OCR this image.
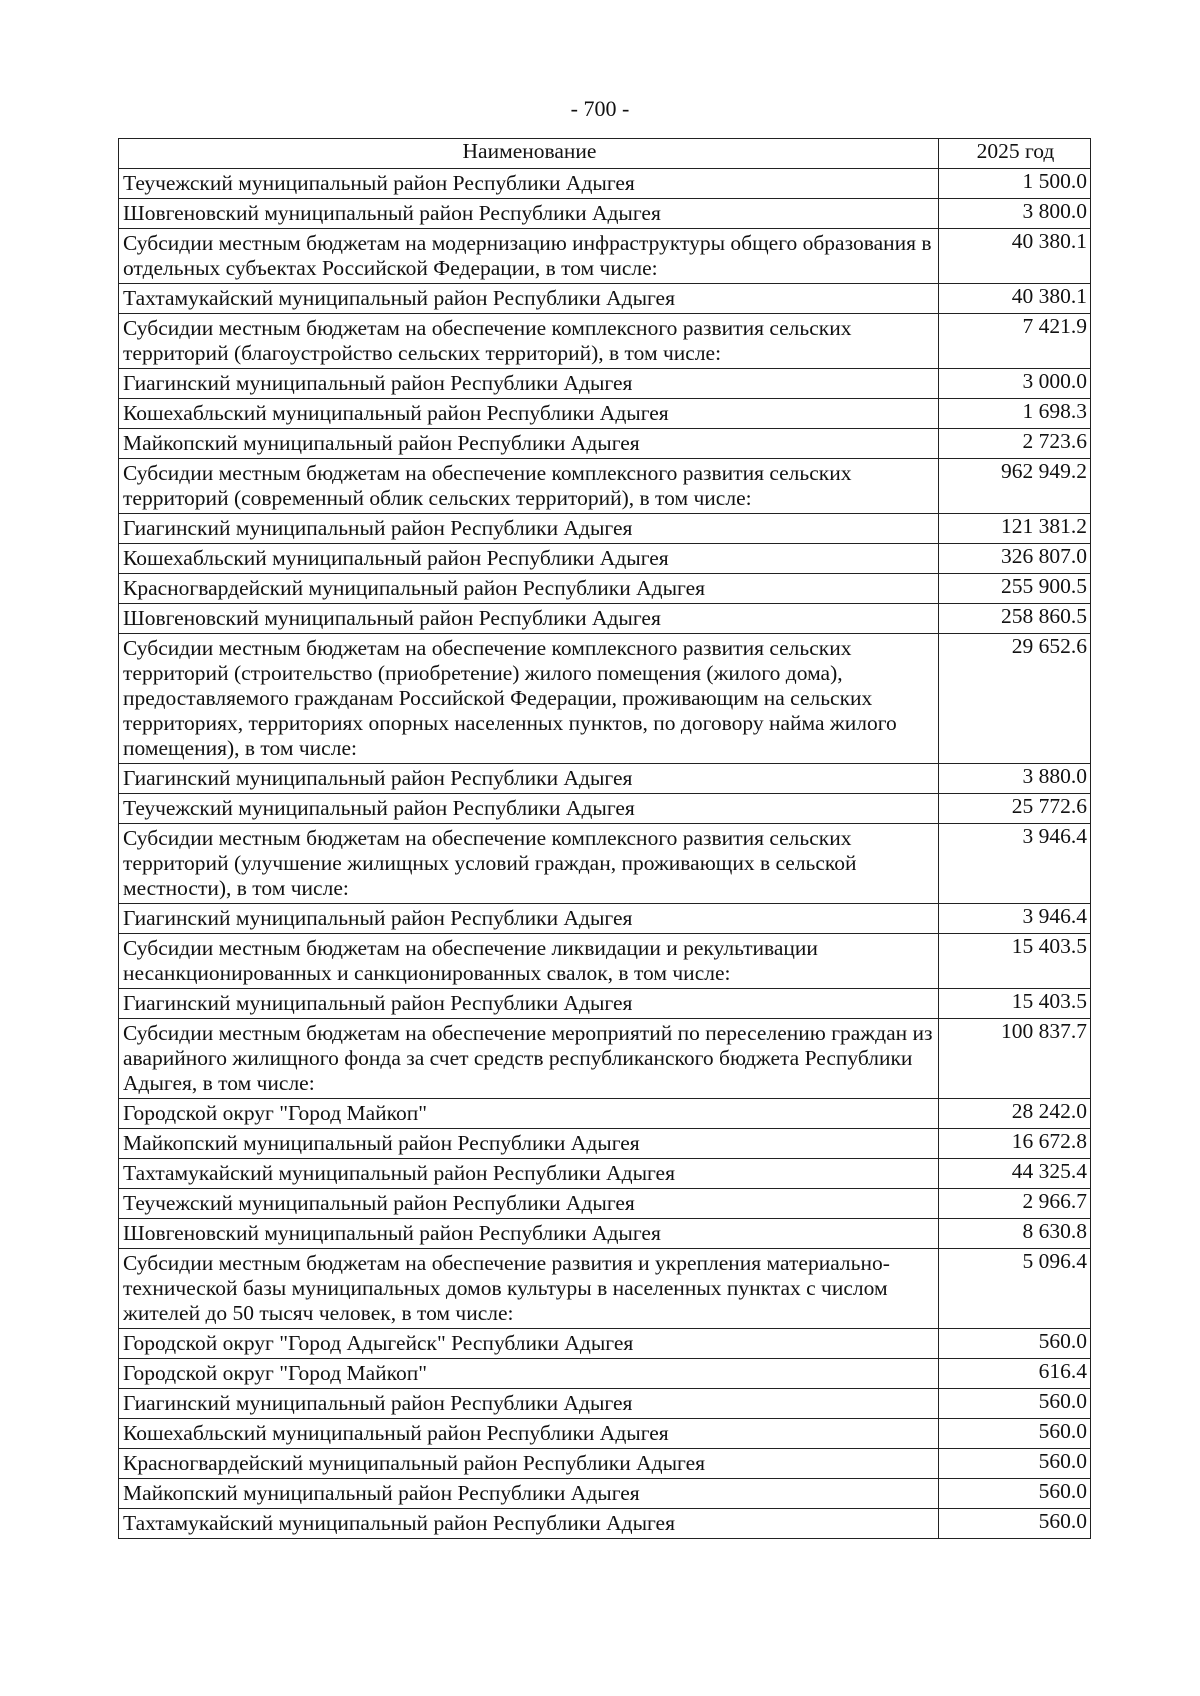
- 700 -
Наименование	2025 год
Теучежский муниципальный район Республики Адыгея	1 500.0
Шовгеновский муниципальный район Республики Адыгея	3 800.0
Субсидии местным бюджетам на модернизацию инфраструктуры общего образования в отдельных субъектах Российской Федерации, в том числе:	40 380.1
Тахтамукайский муниципальный район Республики Адыгея	40 380.1
Субсидии местным бюджетам на обеспечение комплексного развития сельских территорий (благоустройство сельских территорий), в том числе:	7 421.9
Гиагинский муниципальный район Республики Адыгея	3 000.0
Кошехабльский муниципальный район Республики Адыгея	1 698.3
Майкопский муниципальный район Республики Адыгея	2 723.6
Субсидии местным бюджетам на обеспечение комплексного развития сельских территорий (современный облик сельских территорий), в том числе:	962 949.2
Гиагинский муниципальный район Республики Адыгея	121 381.2
Кошехабльский муниципальный район Республики Адыгея	326 807.0
Красногвардейский муниципальный район Республики Адыгея	255 900.5
Шовгеновский муниципальный район Республики Адыгея	258 860.5
Субсидии местным бюджетам на обеспечение комплексного развития сельских территорий (строительство (приобретение) жилого помещения (жилого дома), предоставляемого гражданам Российской Федерации, проживающим на сельских территориях, территориях опорных населенных пунктов, по договору найма жилого помещения), в том числе:	29 652.6
Гиагинский муниципальный район Республики Адыгея	3 880.0
Теучежский муниципальный район Республики Адыгея	25 772.6
Субсидии местным бюджетам на обеспечение комплексного развития сельских территорий (улучшение жилищных условий граждан, проживающих в сельской местности), в том числе:	3 946.4
Гиагинский муниципальный район Республики Адыгея	3 946.4
Субсидии местным бюджетам на обеспечение ликвидации и рекультивации несанкционированных и санкционированных свалок, в том числе:	15 403.5
Гиагинский муниципальный район Республики Адыгея	15 403.5
Субсидии местным бюджетам на обеспечение мероприятий по переселению граждан из аварийного жилищного фонда за счет средств республиканского бюджета Республики Адыгея, в том числе:	100 837.7
Городской округ "Город Майкоп"	28 242.0
Майкопский муниципальный район Республики Адыгея	16 672.8
Тахтамукайский муниципальный район Республики Адыгея	44 325.4
Теучежский муниципальный район Республики Адыгея	2 966.7
Шовгеновский муниципальный район Республики Адыгея	8 630.8
Субсидии местным бюджетам на обеспечение развития и укрепления материально-технической базы муниципальных домов культуры в населенных пунктах с числом жителей до 50 тысяч человек, в том числе:	5 096.4
Городской округ "Город Адыгейск" Республики Адыгея	560.0
Городской округ "Город Майкоп"	616.4
Гиагинский муниципальный район Республики Адыгея	560.0
Кошехабльский муниципальный район Республики Адыгея	560.0
Красногвардейский муниципальный район Республики Адыгея	560.0
Майкопский муниципальный район Республики Адыгея	560.0
Тахтамукайский муниципальный район Республики Адыгея	560.0
